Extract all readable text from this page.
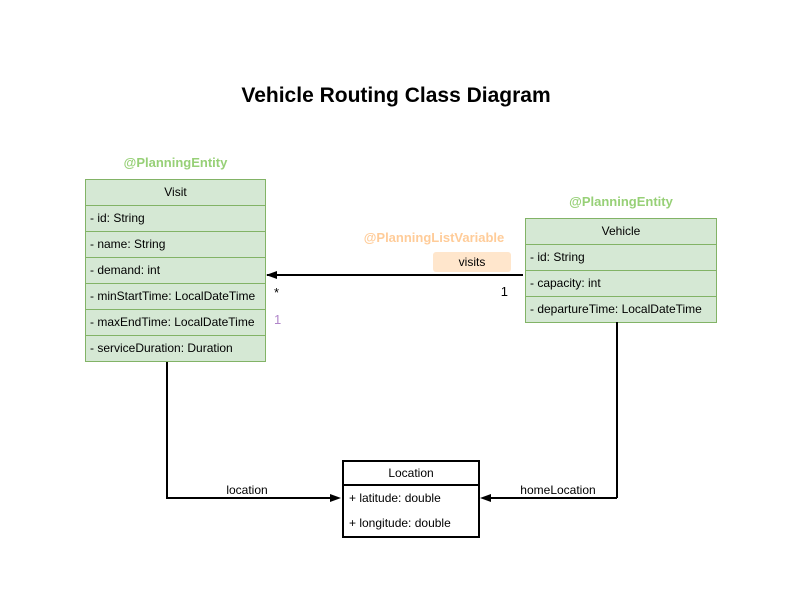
Vehicle Routing Class Diagram
@PlanningEntity
Visit
- id: String
- name: String
- demand: int
- minStartTime: LocalDateTime
- maxEndTime: LocalDateTime
- serviceDuration: Duration
@PlanningEntity
Vehicle
- id: String
- capacity: int
- departureTime: LocalDateTime
Location
+ latitude: double
+ longitude: double
@PlanningListVariable
visits
*	1
1
location	homeLocation
